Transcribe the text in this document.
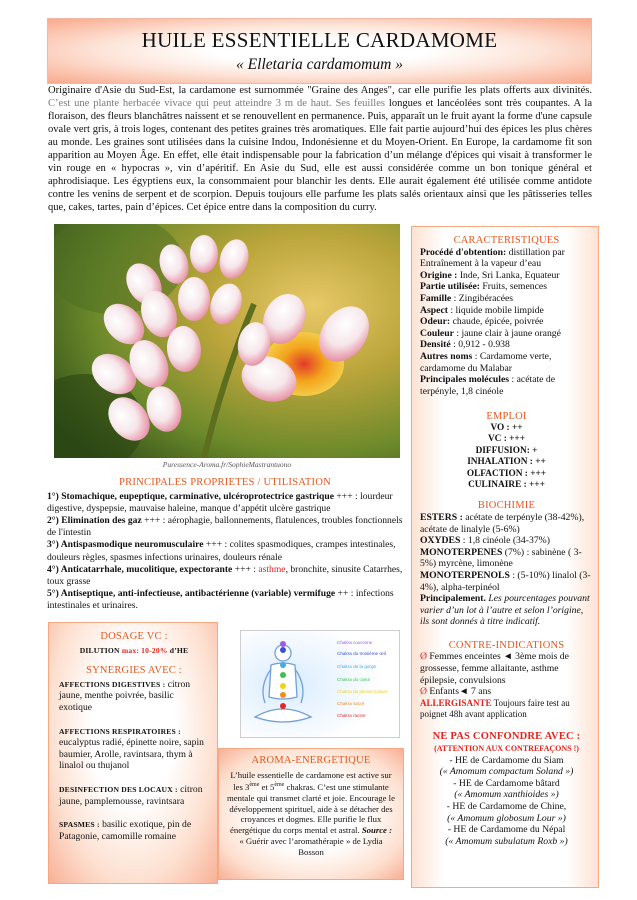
HUILE ESSENTIELLE CARDAMOME
« Elletaria cardamomum »
Originaire d'Asie du Sud-Est, la cardamone est surnommée "Graine des Anges", car elle purifie les plats offerts aux divinités. C’est une plante herbacée vivace qui peut atteindre 3 m de haut. Ses feuilles longues et lancéolées sont très coupantes. A la floraison, des fleurs blanchâtres naissent et se renouvellent en permanence. Puis, apparaît un le fruit ayant la forme d'une capsule ovale vert gris, à trois loges, contenant des petites graines très aromatiques. Elle fait partie aujourd’hui des épices les plus chères au monde. Les graines sont utilisées dans la cuisine Indou, Indonésienne et du Moyen-Orient. En Europe, la cardamome fit son apparition au Moyen Âge. En effet, elle était indispensable pour la fabrication d’un mélange d'épices qui visait à transformer le vin rouge en « hypocras », vin d’apéritif. En Asie du Sud, elle est aussi considérée comme un bon tonique général et aphrodisiaque. Les égyptiens eux, la consommaient pour blanchir les dents. Elle aurait également été utilisée comme antidote contre les venins de serpent et de scorpion. Depuis toujours elle parfume les plats salés orientaux ainsi que les pâtisseries telles que, cakes, tartes, pain d’épices. Cet épice entre dans la composition du curry.
Puressence-Aroma.fr/SophieMastrantuono
PRINCIPALES PROPRIETES / UTILISATION
1°) Stomachique, eupeptique, carminative, ulcéroprotectrice gastrique +++ : lourdeur digestive, dyspepsie, mauvaise haleine, manque d’appétit ulcère gastrique
2°) Elimination des gaz +++ : aérophagie, ballonnements, flatulences, troubles fonctionnels de l'intestin
3°) Antispasmodique neuromusculaire +++ : colites spasmodiques, crampes intestinales, douleurs règles, spasmes infections urinaires, douleurs rénale
4°) Anticatarrhale, mucolitique, expectorante +++ : asthme, bronchite, sinusite Catarrhes, toux grasse
5°) Antiseptique, anti-infectieuse, antibactérienne (variable) vermifuge ++ : infections intestinales et urinaires.
CARACTERISTIQUES
Procédé d'obtention: distillation par Entraînement à la vapeur d’eau
Origine : Inde, Sri Lanka, Equateur
Partie utilisée: Fruits, semences
Famille : Zingibéracées
Aspect : liquide mobile limpide
Odeur: chaude, épicée, poivrée
Couleur : jaune clair à jaune orangé
Densité : 0,912 - 0.938
Autres noms : Cardamome verte, cardamome du Malabar
Principales molécules : acétate de terpényle, 1,8 cinéole
EMPLOI
VO : ++
VC : +++
DIFFUSION: +
INHALATION : ++
OLFACTION : +++
CULINAIRE : +++
BIOCHIMIE
ESTERS : acétate de terpényle (38-42%), acétate de linalyle (5-6%)
OXYDES : 1,8 cinéole (34-37%)
MONOTERPENES (7%) : sabinène ( 3-5%) myrcène, limonène
MONOTERPENOLS : (5-10%) linalol (3-4%), alpha-terpinéol
Principalement. Les pourcentages pouvant varier d’un lot à l’autre et selon l’origine, ils sont donnés à titre indicatif.
CONTRE-INDICATIONS
Ø Femmes enceintes ◄ 3ème mois de grossesse, femme allaitante, asthme épilepsie, convulsions
Ø Enfants◄ 7 ans
ALLERGISANTE Toujours faire test au poignet 48h avant application
NE PAS CONFONDRE AVEC :
(ATTENTION AUX CONTREFAÇONS !)
- HE de Cardamome du Siam
(« Amomum compactum Soland »)
- HE de Cardamome bâtard
(« Amomum xanthioides »)
- HE de Cardamome de Chine,
(« Amomum globosum Lour »)
- HE de Cardamome du Népal
(« Amomum subulatum Roxb »)
DOSAGE VC :
DILUTION max: 10-20% d’HE
SYNERGIES AVEC :
AFFECTIONS DIGESTIVES : citron jaune, menthe poivrée, basilic exotique
AFFECTIONS RESPIRATOIRES : eucalyptus radié, épinette noire, sapin baumier, Arolle, ravintsara, thym à linalol ou thujanol
DESINFECTION DES LOCAUX : citron jaune, pamplemousse, ravintsara
SPASMES : basilic exotique, pin de Patagonie, camomille romaine
Chakra couronne
Chakra du troisième œil
Chakra de la gorge
Chakra du cœur
Chakra du plexus solaire
Chakra sacré
Chakra racine
AROMA-ENERGETIQUE
L’huile essentielle de cardamone est active sur les 3ème et 5ème chakras. C’est une stimulante mentale qui transmet clarté et joie. Encourage le développement spirituel, aide à se détacher des croyances et dogmes. Elle purifie le flux énergétique du corps mental et astral. Source : « Guérir avec l’aromathérapie » de Lydia Bosson
